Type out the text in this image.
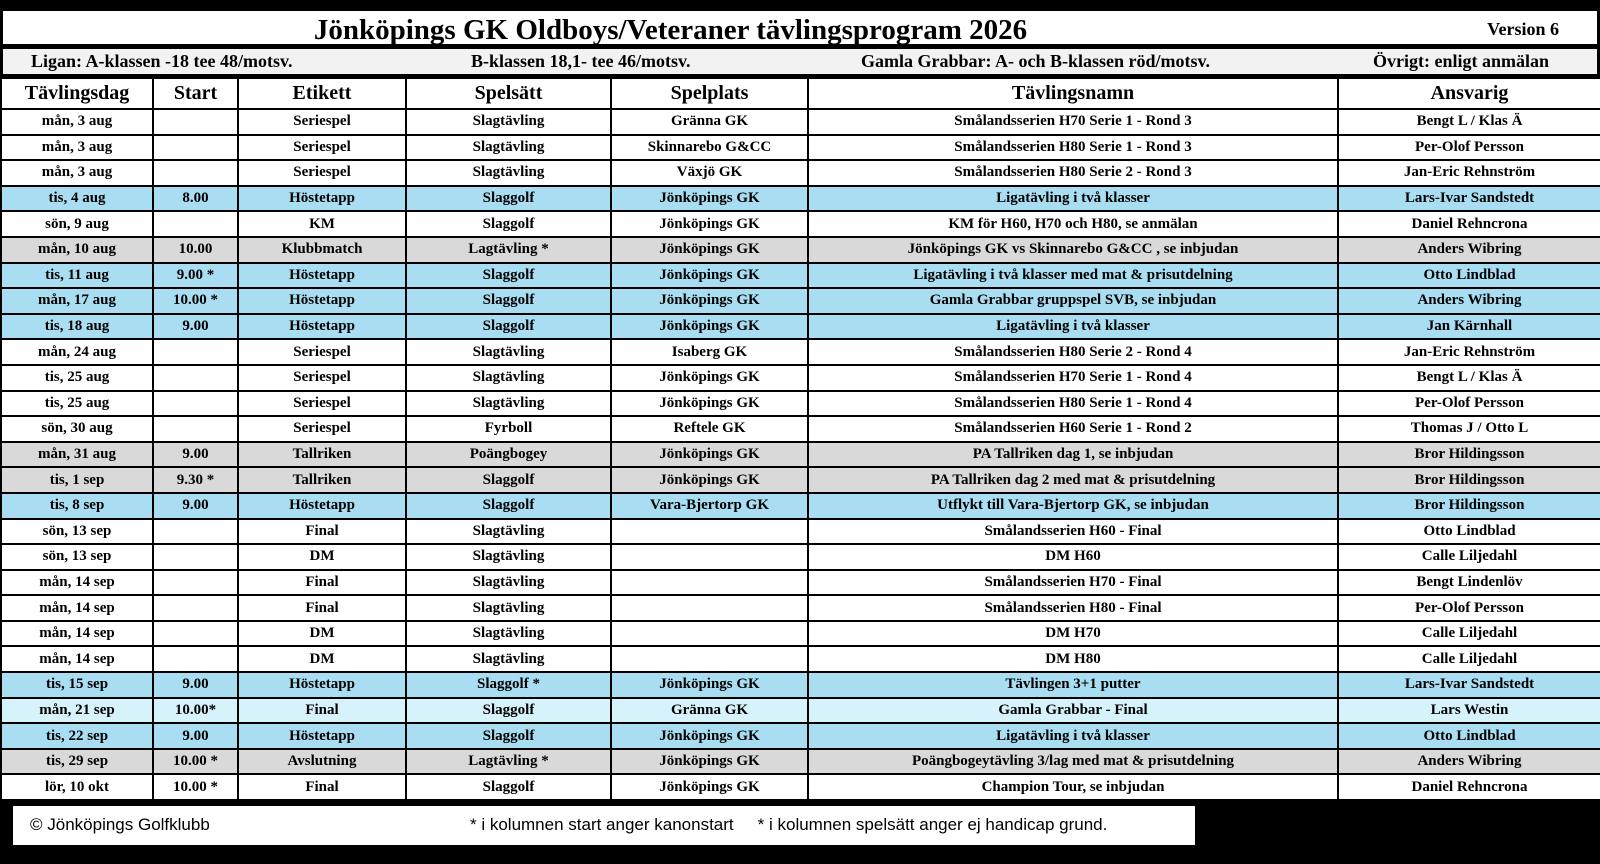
Jönköpings GK Oldboys/Veteraner tävlingsprogram 2026	Version 6
Ligan: A-klassen -18 tee 48/motsv.	B-klassen 18,1- tee 46/motsv.	Gamla Grabbar: A- och B-klassen röd/motsv.	Övrigt: enligt anmälan
Tävlingsdag	Start	Etikett	Spelsätt	Spelplats	Tävlingsnamn	Ansvarig
mån, 3 aug		Seriespel	Slagtävling	Gränna GK	Smålandsserien H70 Serie 1 - Rond 3	Bengt L / Klas Ä
mån, 3 aug		Seriespel	Slagtävling	Skinnarebo G&CC	Smålandsserien H80 Serie 1 - Rond 3	Per-Olof Persson
mån, 3 aug		Seriespel	Slagtävling	Växjö GK	Smålandsserien H80 Serie 2 - Rond 3	Jan-Eric Rehnström
tis, 4 aug	8.00	Höstetapp	Slaggolf	Jönköpings GK	Ligatävling i två klasser	Lars-Ivar Sandstedt
sön, 9 aug		KM	Slaggolf	Jönköpings GK	KM för H60, H70 och H80, se anmälan	Daniel Rehncrona
mån, 10 aug	10.00	Klubbmatch	Lagtävling *	Jönköpings GK	Jönköpings GK vs Skinnarebo G&CC , se inbjudan	Anders Wibring
tis, 11 aug	9.00 *	Höstetapp	Slaggolf	Jönköpings GK	Ligatävling i två klasser med mat & prisutdelning	Otto Lindblad
mån, 17 aug	10.00 *	Höstetapp	Slaggolf	Jönköpings GK	Gamla Grabbar gruppspel SVB, se inbjudan	Anders Wibring
tis, 18 aug	9.00	Höstetapp	Slaggolf	Jönköpings GK	Ligatävling i två klasser	Jan Kärnhall
mån, 24 aug		Seriespel	Slagtävling	Isaberg GK	Smålandsserien H80 Serie 2 - Rond 4	Jan-Eric Rehnström
tis, 25 aug		Seriespel	Slagtävling	Jönköpings GK	Smålandsserien H70 Serie 1 - Rond 4	Bengt L / Klas Ä
tis, 25 aug		Seriespel	Slagtävling	Jönköpings GK	Smålandsserien H80 Serie 1 - Rond 4	Per-Olof Persson
sön, 30 aug		Seriespel	Fyrboll	Reftele GK	Smålandsserien H60 Serie 1 - Rond 2	Thomas J / Otto L
mån, 31 aug	9.00	Tallriken	Poängbogey	Jönköpings GK	PA Tallriken dag 1, se inbjudan	Bror Hildingsson
tis, 1 sep	9.30 *	Tallriken	Slaggolf	Jönköpings GK	PA Tallriken dag 2 med mat & prisutdelning	Bror Hildingsson
tis, 8 sep	9.00	Höstetapp	Slaggolf	Vara-Bjertorp GK	Utflykt till Vara-Bjertorp GK, se inbjudan	Bror Hildingsson
sön, 13 sep		Final	Slagtävling		Smålandsserien H60 - Final	Otto Lindblad
sön, 13 sep		DM	Slagtävling		DM H60	Calle Liljedahl
mån, 14 sep		Final	Slagtävling		Smålandsserien H70 - Final	Bengt Lindenlöv
mån, 14 sep		Final	Slagtävling		Smålandsserien H80 - Final	Per-Olof Persson
mån, 14 sep		DM	Slagtävling		DM H70	Calle Liljedahl
mån, 14 sep		DM	Slagtävling		DM H80	Calle Liljedahl
tis, 15 sep	9.00	Höstetapp	Slaggolf *	Jönköpings GK	Tävlingen 3+1 putter	Lars-Ivar Sandstedt
mån, 21 sep	10.00*	Final	Slaggolf	Gränna GK	Gamla Grabbar - Final	Lars Westin
tis, 22 sep	9.00	Höstetapp	Slaggolf	Jönköpings GK	Ligatävling i två klasser	Otto Lindblad
tis, 29 sep	10.00 *	Avslutning	Lagtävling *	Jönköpings GK	Poängbogeytävling 3/lag med mat & prisutdelning	Anders Wibring
lör, 10 okt	10.00 *	Final	Slaggolf	Jönköpings GK	Champion Tour, se inbjudan	Daniel Rehncrona
© Jönköpings Golfklubb	* i kolumnen start anger kanonstart * i kolumnen spelsätt anger ej handicap grund.
